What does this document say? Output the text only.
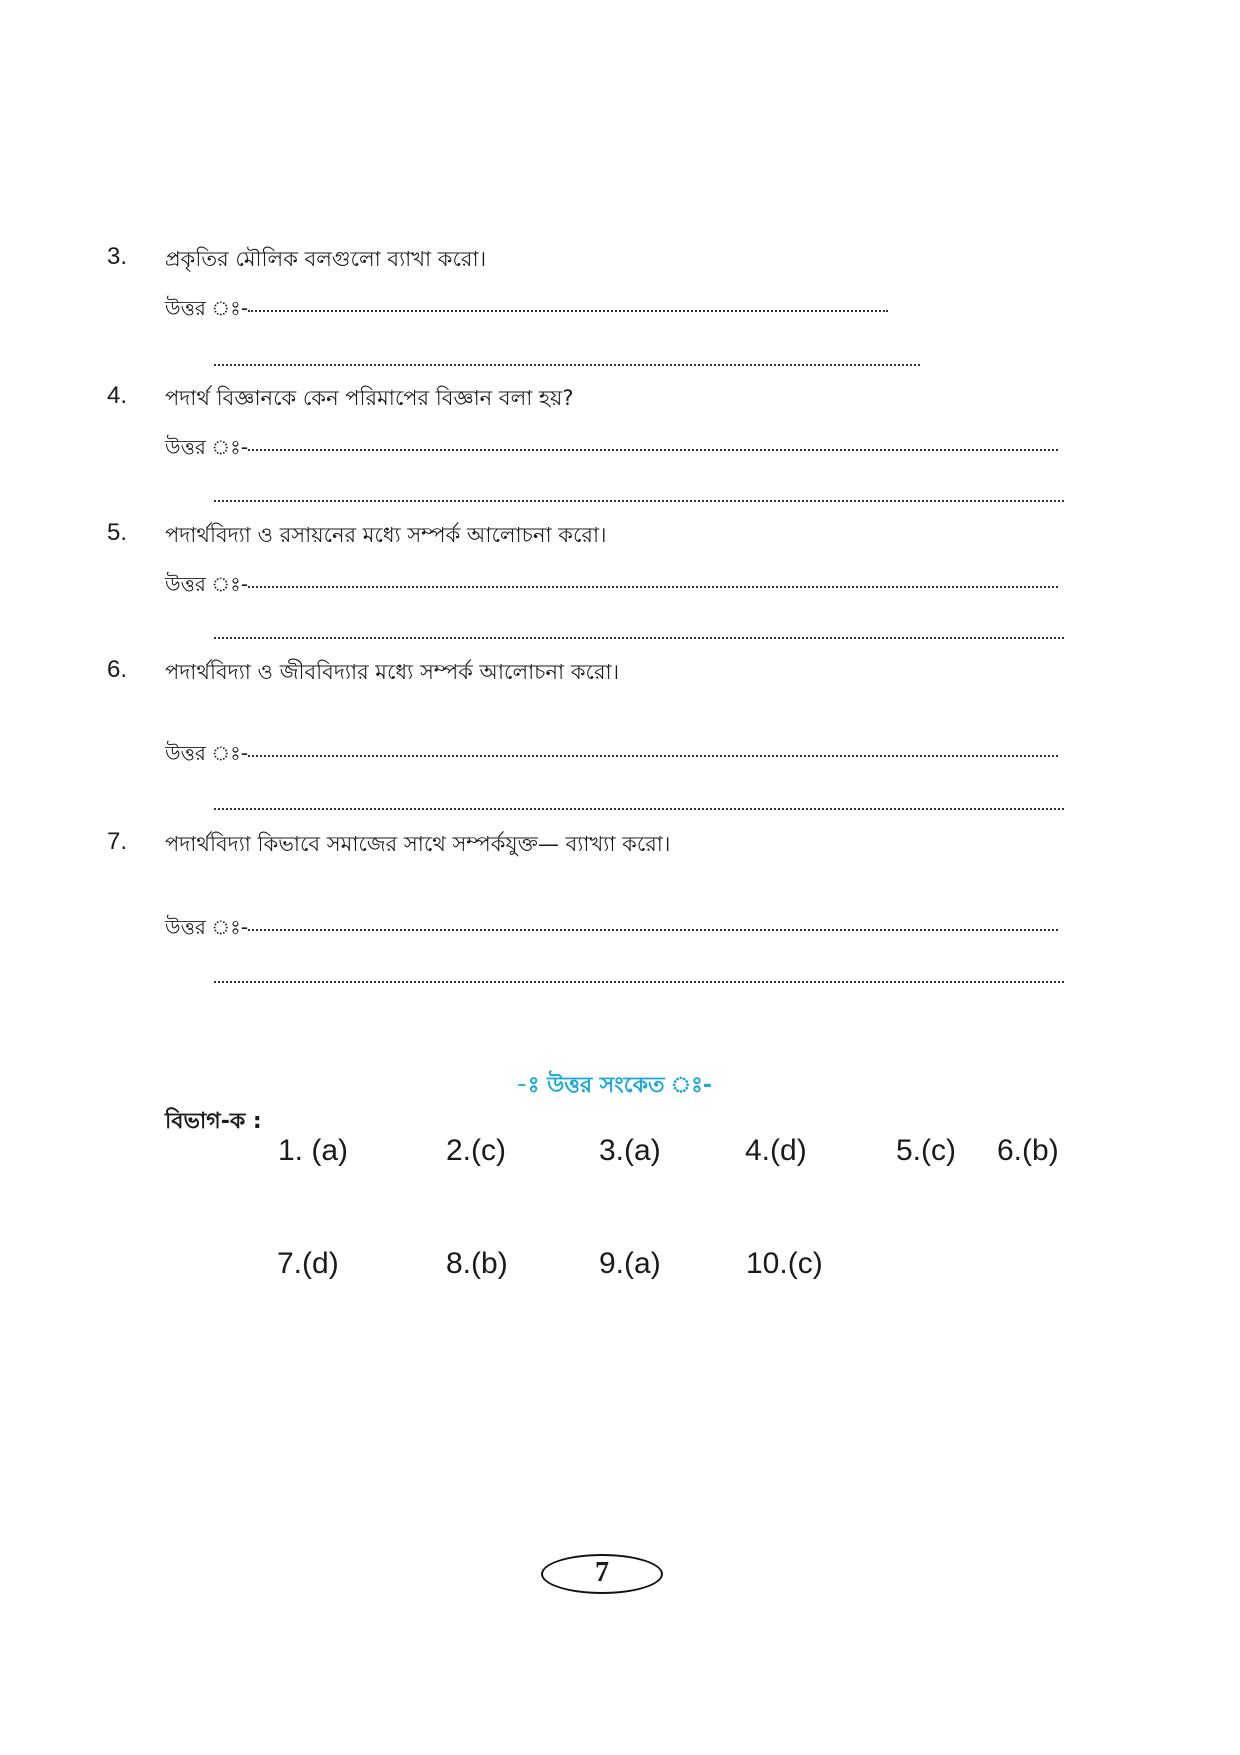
3. প্রকৃতির মৌলিক বলগুলো ব্যাখা করো।
উত্তর ঃ-
4. পদার্থ বিজ্ঞানকে কেন পরিমাপের বিজ্ঞান বলা হয়?
উত্তর ঃ-
5. পদার্থবিদ্যা ও রসায়নের মধ্যে সম্পর্ক আলোচনা করো।
উত্তর ঃ-
6. পদার্থবিদ্যা ও জীববিদ্যার মধ্যে সম্পর্ক আলোচনা করো।
উত্তর ঃ-
7. পদার্থবিদ্যা কিভাবে সমাজের সাথে সম্পর্কযুক্ত— ব্যাখ্যা করো।
উত্তর ঃ-
-ঃ উত্তর সংকেত ঃ-
বিভাগ-ক :
1. (a)	2.(c)	3.(a)	4.(d)	5.(c) 6.(b)
7.(d)	8.(b)	9.(a)	10.(c)
7
